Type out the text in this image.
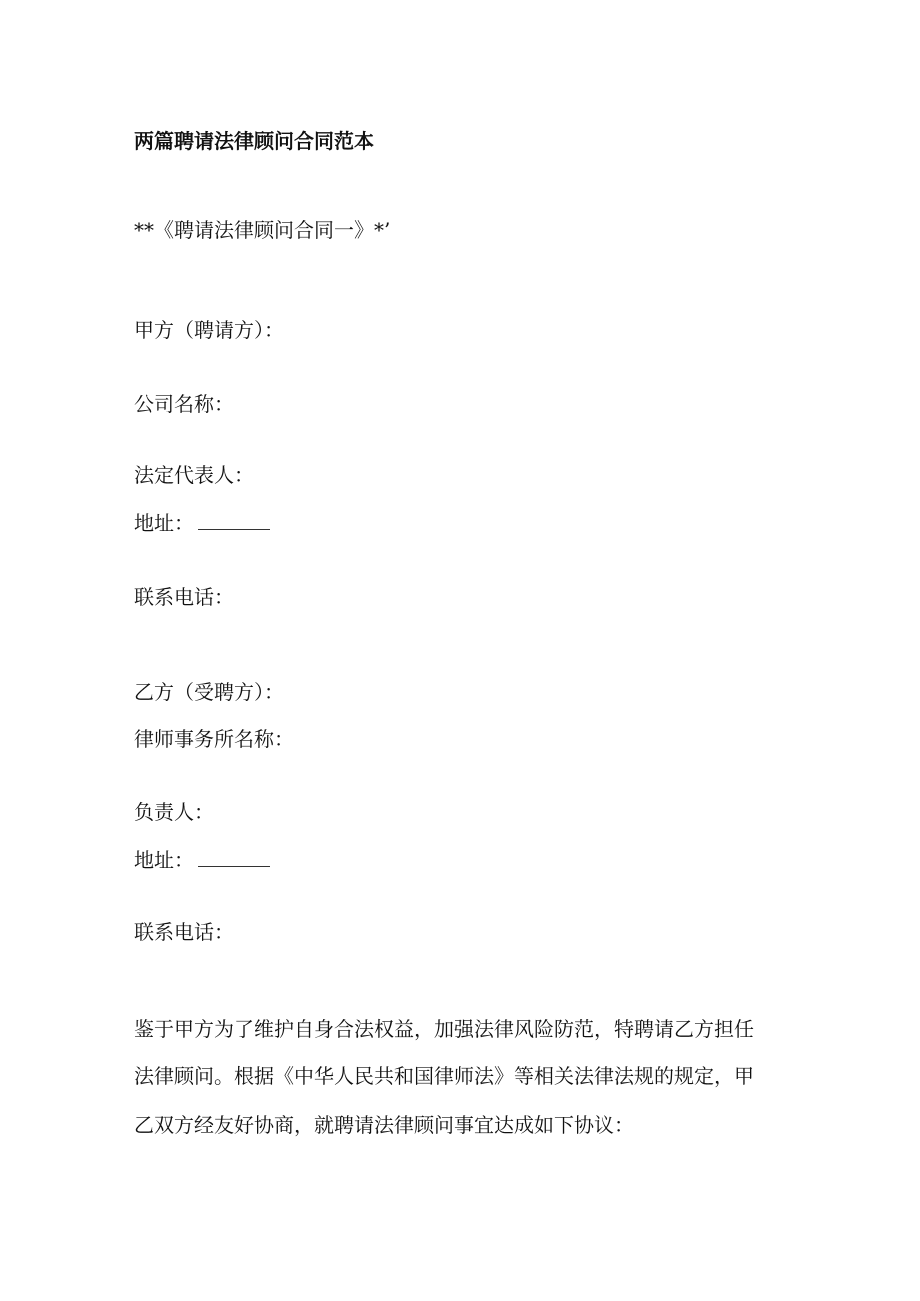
两篇聘请法律顾问合同范本

**《聘请法律顾问合同一》*’

甲方（聘请方）：

公司名称：

法定代表人：

地址：

联系电话：

乙方（受聘方）：

律师事务所名称：

负责人：

地址：

联系电话：

鉴于甲方为了维护自身合法权益，加强法律风险防范，特聘请乙方担任

法律顾问。根据《中华人民共和国律师法》等相关法律法规的规定，甲

乙双方经友好协商，就聘请法律顾问事宜达成如下协议：
